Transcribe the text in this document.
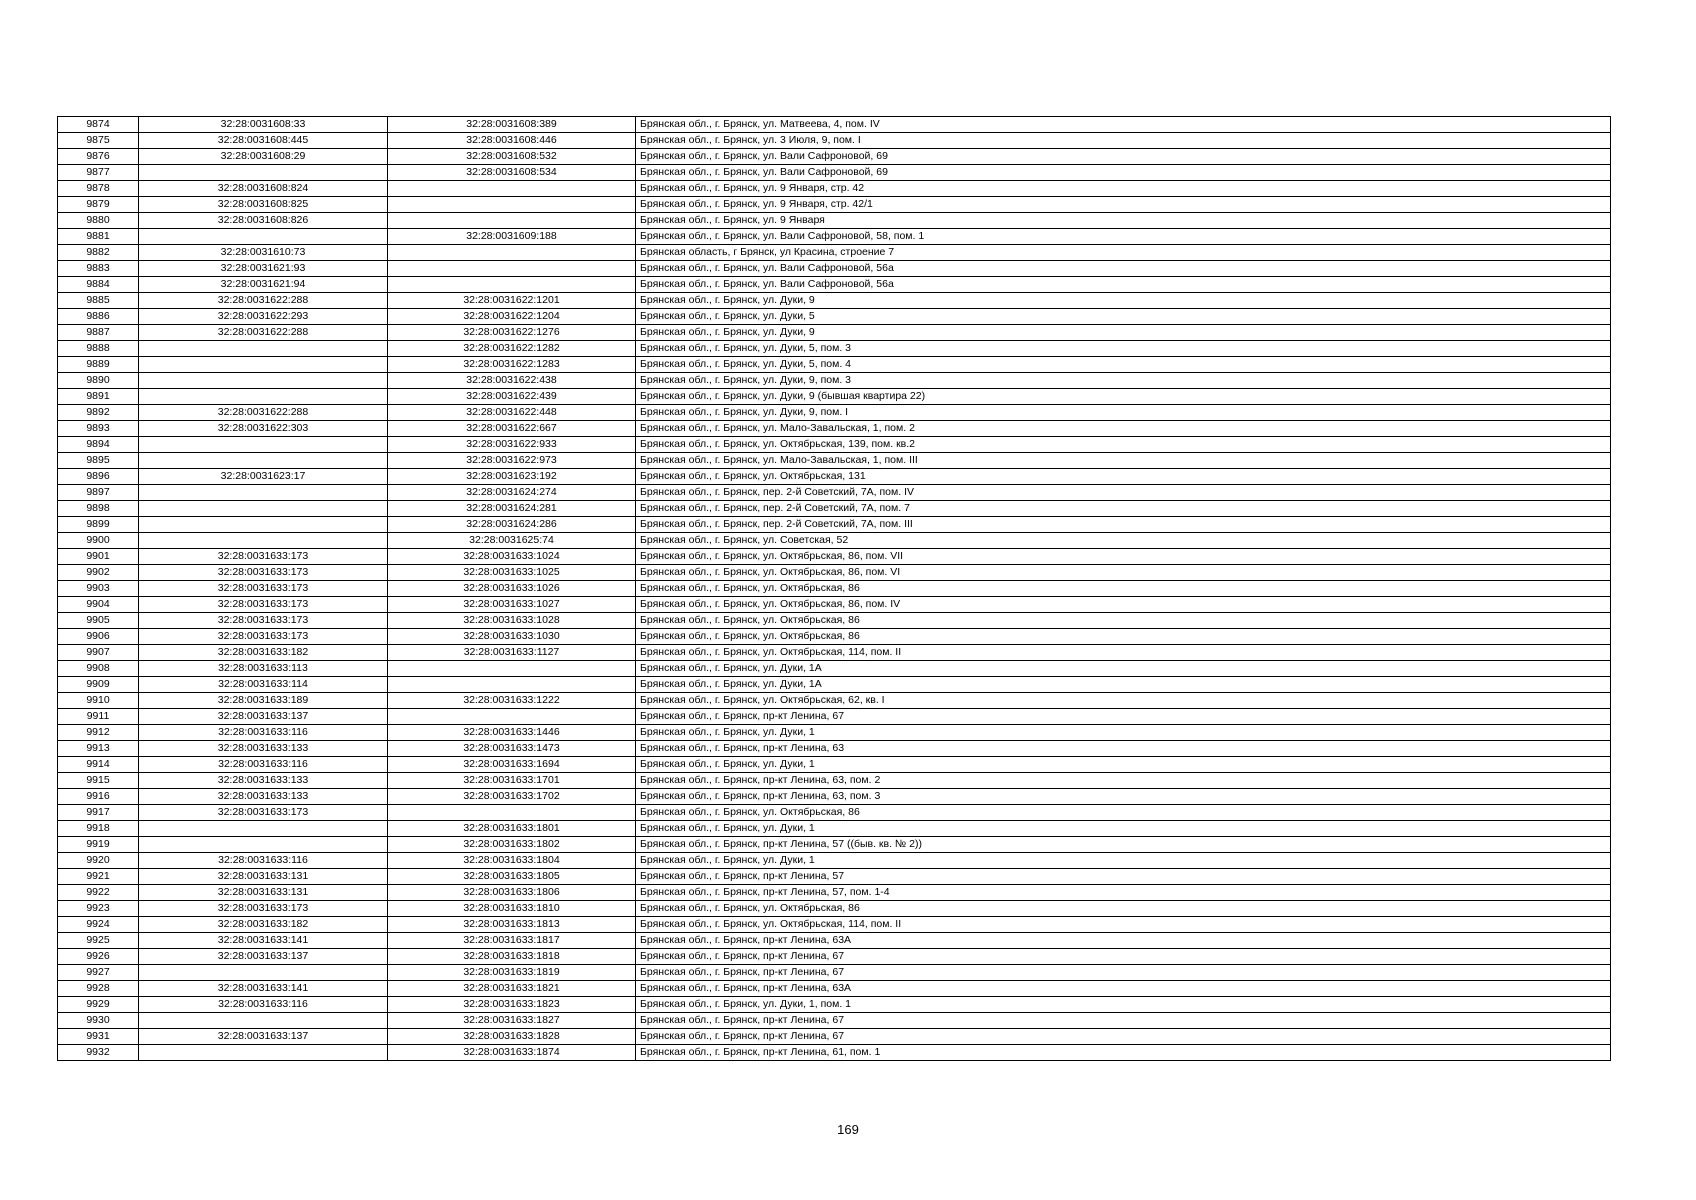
9874	32:28:0031608:33	32:28:0031608:389	Брянская обл., г. Брянск, ул. Матвеева, 4, пом. IV
9875	32:28:0031608:445	32:28:0031608:446	Брянская обл., г. Брянск, ул. 3 Июля, 9, пом. I
9876	32:28:0031608:29	32:28:0031608:532	Брянская обл., г. Брянск, ул. Вали Сафроновой, 69
9877		32:28:0031608:534	Брянская обл., г. Брянск, ул. Вали Сафроновой, 69
9878	32:28:0031608:824		Брянская обл., г. Брянск, ул. 9 Января, стр. 42
9879	32:28:0031608:825		Брянская обл., г. Брянск, ул. 9 Января, стр. 42/1
9880	32:28:0031608:826		Брянская обл., г. Брянск, ул. 9 Января
9881		32:28:0031609:188	Брянская обл., г. Брянск, ул. Вали Сафроновой, 58, пом. 1
9882	32:28:0031610:73		Брянская область, г Брянск, ул Красина, строение 7
9883	32:28:0031621:93		Брянская обл., г. Брянск, ул. Вали Сафроновой, 56а
9884	32:28:0031621:94		Брянская обл., г. Брянск, ул. Вали Сафроновой, 56а
9885	32:28:0031622:288	32:28:0031622:1201	Брянская обл., г. Брянск, ул. Дуки, 9
9886	32:28:0031622:293	32:28:0031622:1204	Брянская обл., г. Брянск, ул. Дуки, 5
9887	32:28:0031622:288	32:28:0031622:1276	Брянская обл., г. Брянск, ул. Дуки, 9
9888		32:28:0031622:1282	Брянская обл., г. Брянск, ул. Дуки, 5, пом. 3
9889		32:28:0031622:1283	Брянская обл., г. Брянск, ул. Дуки, 5, пом. 4
9890		32:28:0031622:438	Брянская обл., г. Брянск, ул. Дуки, 9, пом. 3
9891		32:28:0031622:439	Брянская обл., г. Брянск, ул. Дуки, 9 (бывшая квартира 22)
9892	32:28:0031622:288	32:28:0031622:448	Брянская обл., г. Брянск, ул. Дуки, 9, пом. I
9893	32:28:0031622:303	32:28:0031622:667	Брянская обл., г. Брянск, ул. Мало-Завальская, 1, пом. 2
9894		32:28:0031622:933	Брянская обл., г. Брянск, ул. Октябрьская, 139, пом. кв.2
9895		32:28:0031622:973	Брянская обл., г. Брянск, ул. Мало-Завальская, 1, пом. III
9896	32:28:0031623:17	32:28:0031623:192	Брянская обл., г. Брянск, ул. Октябрьская, 131
9897		32:28:0031624:274	Брянская обл., г. Брянск, пер. 2-й Советский, 7А, пом. IV
9898		32:28:0031624:281	Брянская обл., г. Брянск, пер. 2-й Советский, 7А, пом. 7
9899		32:28:0031624:286	Брянская обл., г. Брянск, пер. 2-й Советский, 7А, пом. III
9900		32:28:0031625:74	Брянская обл., г. Брянск, ул. Советская, 52
9901	32:28:0031633:173	32:28:0031633:1024	Брянская обл., г. Брянск, ул. Октябрьская, 86, пом. VII
9902	32:28:0031633:173	32:28:0031633:1025	Брянская обл., г. Брянск, ул. Октябрьская, 86, пом. VI
9903	32:28:0031633:173	32:28:0031633:1026	Брянская обл., г. Брянск, ул. Октябрьская, 86
9904	32:28:0031633:173	32:28:0031633:1027	Брянская обл., г. Брянск, ул. Октябрьская, 86, пом. IV
9905	32:28:0031633:173	32:28:0031633:1028	Брянская обл., г. Брянск, ул. Октябрьская, 86
9906	32:28:0031633:173	32:28:0031633:1030	Брянская обл., г. Брянск, ул. Октябрьская, 86
9907	32:28:0031633:182	32:28:0031633:1127	Брянская обл., г. Брянск, ул. Октябрьская, 114, пом. II
9908	32:28:0031633:113		Брянская обл., г. Брянск, ул. Дуки, 1А
9909	32:28:0031633:114		Брянская обл., г. Брянск, ул. Дуки, 1А
9910	32:28:0031633:189	32:28:0031633:1222	Брянская обл., г. Брянск, ул. Октябрьская, 62, кв. I
9911	32:28:0031633:137		Брянская обл., г. Брянск, пр-кт Ленина, 67
9912	32:28:0031633:116	32:28:0031633:1446	Брянская обл., г. Брянск, ул. Дуки, 1
9913	32:28:0031633:133	32:28:0031633:1473	Брянская обл., г. Брянск, пр-кт Ленина, 63
9914	32:28:0031633:116	32:28:0031633:1694	Брянская обл., г. Брянск, ул. Дуки, 1
9915	32:28:0031633:133	32:28:0031633:1701	Брянская обл., г. Брянск, пр-кт Ленина, 63, пом. 2
9916	32:28:0031633:133	32:28:0031633:1702	Брянская обл., г. Брянск, пр-кт Ленина, 63, пом. 3
9917	32:28:0031633:173		Брянская обл., г. Брянск, ул. Октябрьская, 86
9918		32:28:0031633:1801	Брянская обл., г. Брянск, ул. Дуки, 1
9919		32:28:0031633:1802	Брянская обл., г. Брянск, пр-кт Ленина, 57 ((быв. кв. № 2))
9920	32:28:0031633:116	32:28:0031633:1804	Брянская обл., г. Брянск, ул. Дуки, 1
9921	32:28:0031633:131	32:28:0031633:1805	Брянская обл., г. Брянск, пр-кт Ленина, 57
9922	32:28:0031633:131	32:28:0031633:1806	Брянская обл., г. Брянск, пр-кт Ленина, 57, пом. 1-4
9923	32:28:0031633:173	32:28:0031633:1810	Брянская обл., г. Брянск, ул. Октябрьская, 86
9924	32:28:0031633:182	32:28:0031633:1813	Брянская обл., г. Брянск, ул. Октябрьская, 114, пом. II
9925	32:28:0031633:141	32:28:0031633:1817	Брянская обл., г. Брянск, пр-кт Ленина, 63А
9926	32:28:0031633:137	32:28:0031633:1818	Брянская обл., г. Брянск, пр-кт Ленина, 67
9927		32:28:0031633:1819	Брянская обл., г. Брянск, пр-кт Ленина, 67
9928	32:28:0031633:141	32:28:0031633:1821	Брянская обл., г. Брянск, пр-кт Ленина, 63А
9929	32:28:0031633:116	32:28:0031633:1823	Брянская обл., г. Брянск, ул. Дуки, 1, пом. 1
9930		32:28:0031633:1827	Брянская обл., г. Брянск, пр-кт Ленина, 67
9931	32:28:0031633:137	32:28:0031633:1828	Брянская обл., г. Брянск, пр-кт Ленина, 67
9932		32:28:0031633:1874	Брянская обл., г. Брянск, пр-кт Ленина, 61, пом. 1
169
